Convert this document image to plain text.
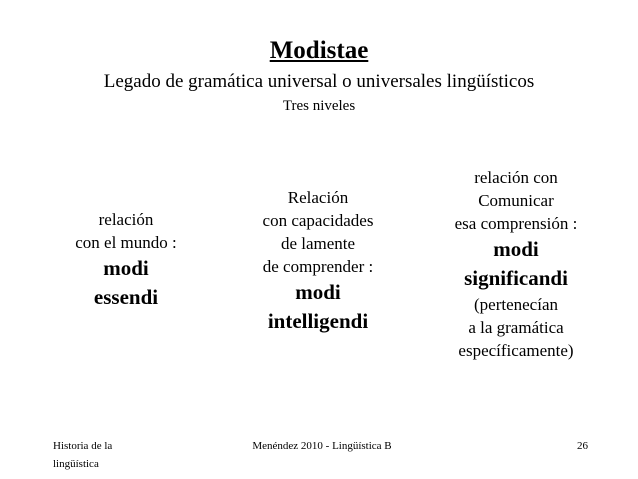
Modistae
Legado de gramática universal o universales lingüísticos
Tres niveles
relación
con el mundo :
modi
essendi
Relación
con capacidades
de lamente
de comprender :
modi
intelligendi
relación con
Comunicar
esa comprensión :
modi
significandi
(pertenecían
a la gramática
específicamente)
Historia de la
lingüística
Menéndez 2010 - Lingüística B	26
